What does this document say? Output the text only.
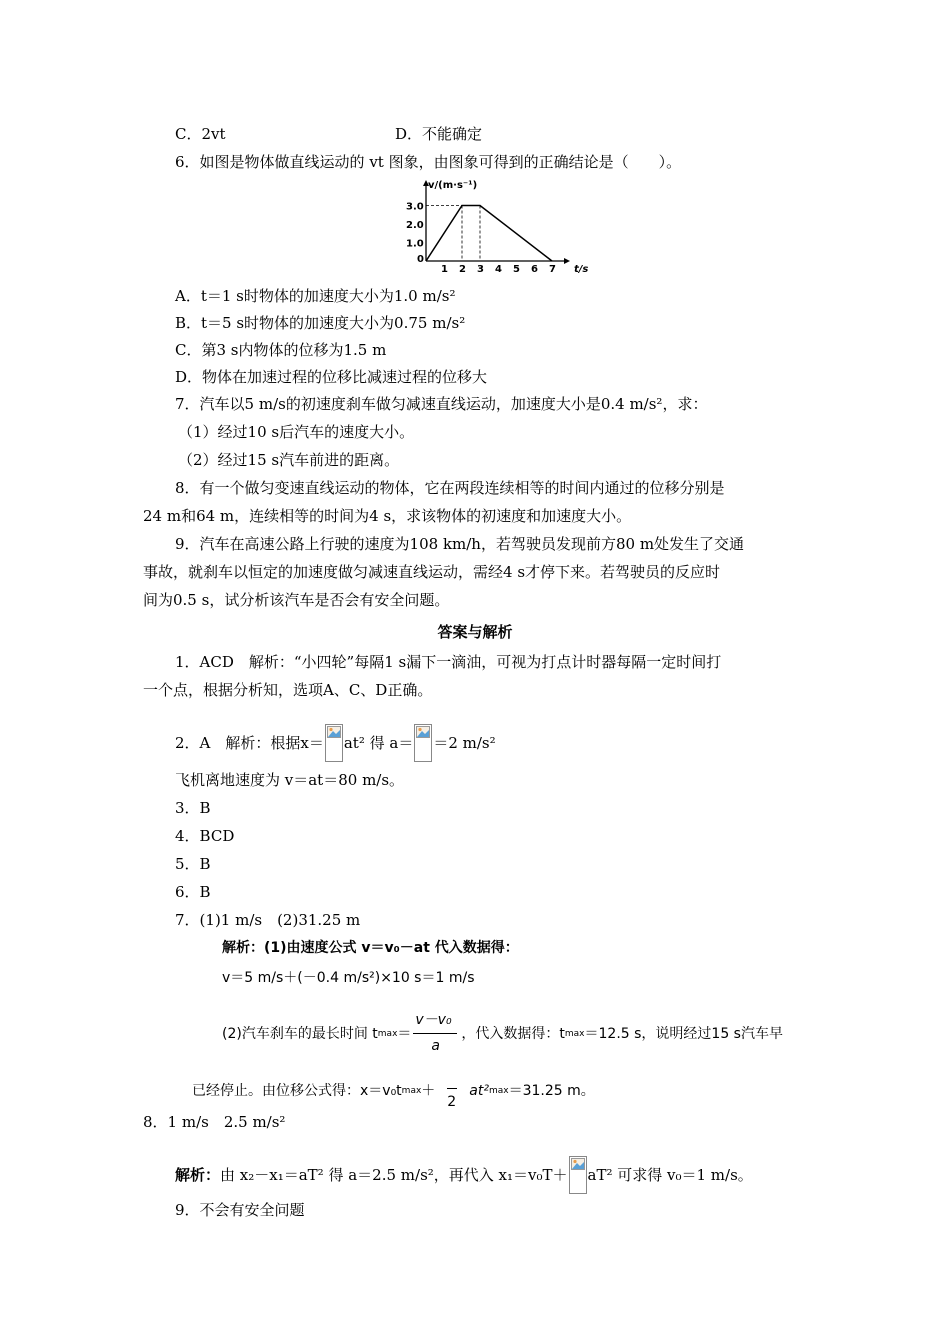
C．2vt	D．不能确定
6．如图是物体做直线运动的 vt 图象，由图象可得到的正确结论是（　　）。
v/(m·s⁻¹)
t/s
0
1 2 3 4 5 6 7
1.0
2.0
3.0
A．t＝1 s时物体的加速度大小为1.0 m/s²
B．t＝5 s时物体的加速度大小为0.75 m/s²
C．第3 s内物体的位移为1.5 m
D．物体在加速过程的位移比减速过程的位移大
7．汽车以5 m/s的初速度刹车做匀减速直线运动，加速度大小是0.4 m/s²，求：
（1）经过10 s后汽车的速度大小。
（2）经过15 s汽车前进的距离。
8．有一个做匀变速直线运动的物体，它在两段连续相等的时间内通过的位移分别是
24 m和64 m，连续相等的时间为4 s，求该物体的初速度和加速度大小。
9．汽车在高速公路上行驶的速度为108 km/h，若驾驶员发现前方80 m处发生了交通
事故，就刹车以恒定的加速度做匀减速直线运动，需经4 s才停下来。若驾驶员的反应时
间为0.5 s，试分析该汽车是否会有安全问题。
答案与解析
1．ACD　解析：“小四轮”每隔1 s漏下一滴油，可视为打点计时器每隔一定时间打
一个点，根据分析知，选项A、C、D正确。
2．A　解析：根据 x＝ at² 得 a＝ ＝2 m/s²
飞机离地速度为 v＝at＝80 m/s。
3．B
4．BCD
5．B
6．B
7．(1)1 m/s　(2)31.25 m
解析：(1)由速度公式 v＝v₀－at 代入数据得：
v＝5 m/s＋(－0.4 m/s²)×10 s＝1 m/s
(2)汽车刹车的最长时间 t $\max = \frac{\text{v－v₀}}{a}$ ，代入数据得：t max ＝12.5 s，说明经过15 s汽车早
已经停止。由位移公式得：x＝v₀t max ＋
2
at² max ＝31.25 m。
8．1 m/s　2.5 m/s²
解析： 由 x₂－x₁＝aT² 得 a＝2.5 m/s²，再代入 x₁＝v₀T＋ aT² 可求得 v₀＝1 m/s。
9．不会有安全问题
